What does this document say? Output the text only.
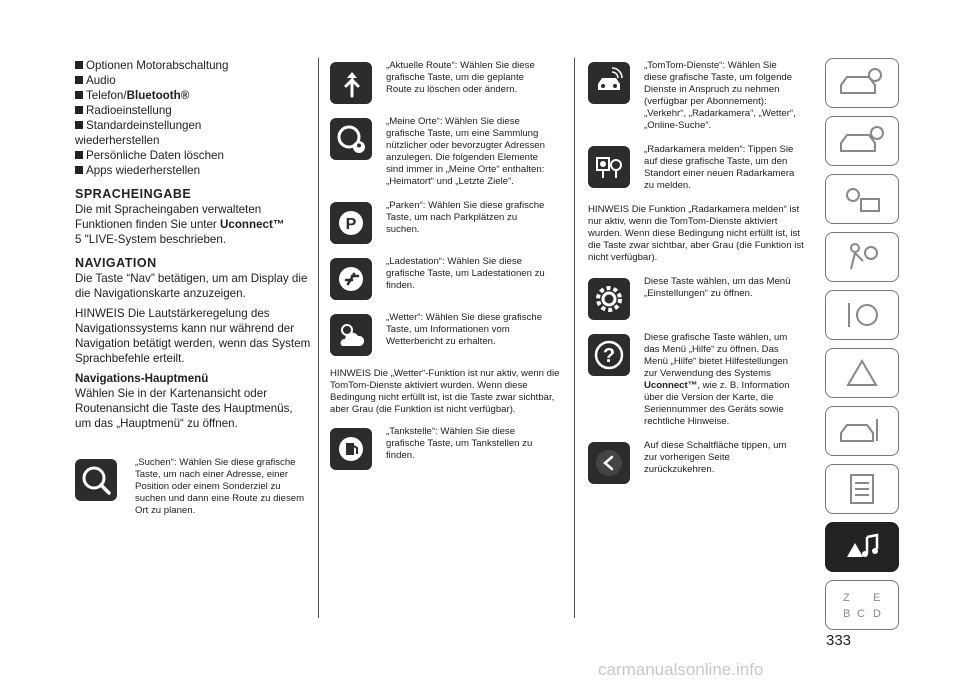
Optionen Motorabschaltung
Audio
Telefon/Bluetooth®
Radioeinstellung
Standardeinstellungen
wiederherstellen
Persönliche Daten löschen
Apps wiederherstellen
SPRACHEINGABE

Die mit Spracheingaben verwalteten Funktionen finden Sie unter Uconnect™
5 "LIVE-System beschrieben.

NAVIGATION

Die Taste “Nav” betätigen, um am Display die die Navigationskarte anzuzeigen.

HINWEIS Die Lautstärkeregelung des Navigationssystems kann nur während der Navigation betätigt werden, wenn das System Sprachbefehle erteilt.

Navigations-Hauptmenü

Wählen Sie in der Kartenansicht oder Routenansicht die Taste des Hauptmenüs, um das „Hauptmenü“ zu öffnen.

„Suchen“: Wählen Sie diese grafische Taste, um nach einer Adresse, einer Position oder einem Sonderziel zu suchen und dann eine Route zu diesem Ort zu planen.
„Aktuelle Route“: Wählen Sie diese grafische Taste, um die geplante Route zu löschen oder ändern.
„Meine Orte“: Wählen Sie diese grafische Taste, um eine Sammlung nützlicher oder bevorzugter Adressen anzulegen. Die folgenden Elemente sind immer in „Meine Orte“ enthalten: „Heimatort“ und „Letzte Ziele“.
P
„Parken“: Wählen Sie diese grafische Taste, um nach Parkplätzen zu suchen.
„Ladestation“: Wählen Sie diese grafische Taste, um Ladestationen zu finden.
„Wetter“: Wählen Sie diese grafische Taste, um Informationen vom Wetterbericht zu erhalten.

HINWEIS Die „Wetter“-Funktion ist nur aktiv, wenn die TomTom-Dienste aktiviert wurden. Wenn diese Bedingung nicht erfüllt ist, ist die Taste zwar sichtbar, aber Grau (die Funktion ist nicht verfügbar).

„Tankstelle“: Wählen Sie diese grafische Taste, um Tankstellen zu finden.
„TomTom-Dienste“: Wählen Sie diese grafische Taste, um folgende Dienste in Anspruch zu nehmen (verfügbar per Abonnement): „Verkehr“, „Radarkamera“, „Wetter“, „Online-Suche“.
„Radarkamera melden“: Tippen Sie auf diese grafische Taste, um den Standort einer neuen Radarkamera zu melden.

HINWEIS Die Funktion „Radarkamera melden“ ist nur aktiv, wenn die TomTom-Dienste aktiviert wurden. Wenn diese Bedingung nicht erfüllt ist, ist die Taste zwar sichtbar, aber Grau (die Funktion ist nicht verfügbar).

Diese Taste wählen, um das Menü „Einstellungen“ zu öffnen.
?
Diese grafische Taste wählen, um das Menü „Hilfe“ zu öffnen. Das Menü „Hilfe“ bietet Hilfestellungen zur Verwendung des Systems Uconnect™, wie z. B. Information über die Version der Karte, die Seriennummer des Geräts sowie rechtliche Hinweise.
Auf diese Schaltfläche tippen, um zur vorherigen Seite zurückzukehren.
Z E
B C D
333
carmanualsonline.info
